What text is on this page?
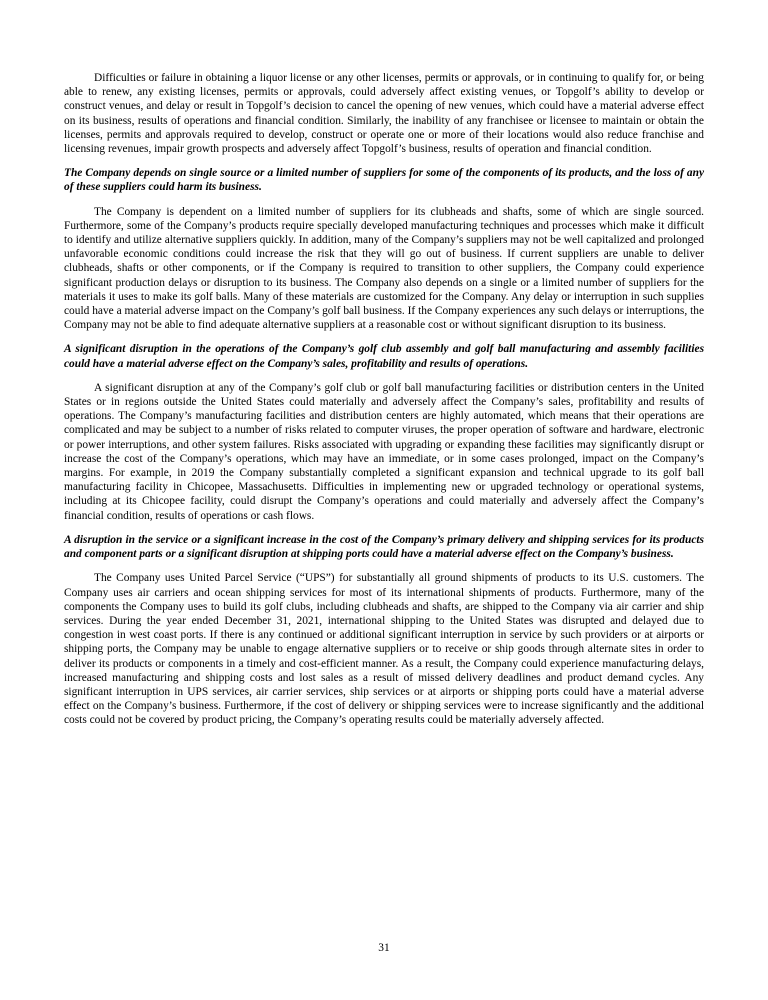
Difficulties or failure in obtaining a liquor license or any other licenses, permits or approvals, or in continuing to qualify for, or being able to renew, any existing licenses, permits or approvals, could adversely affect existing venues, or Topgolf’s ability to develop or construct venues, and delay or result in Topgolf’s decision to cancel the opening of new venues, which could have a material adverse effect on its business, results of operations and financial condition. Similarly, the inability of any franchisee or licensee to maintain or obtain the licenses, permits and approvals required to develop, construct or operate one or more of their locations would also reduce franchise and licensing revenues, impair growth prospects and adversely affect Topgolf’s business, results of operation and financial condition.

The Company depends on single source or a limited number of suppliers for some of the components of its products, and the loss of any of these suppliers could harm its business.

The Company is dependent on a limited number of suppliers for its clubheads and shafts, some of which are single sourced. Furthermore, some of the Company’s products require specially developed manufacturing techniques and processes which make it difficult to identify and utilize alternative suppliers quickly. In addition, many of the Company’s suppliers may not be well capitalized and prolonged unfavorable economic conditions could increase the risk that they will go out of business. If current suppliers are unable to deliver clubheads, shafts or other components, or if the Company is required to transition to other suppliers, the Company could experience significant production delays or disruption to its business. The Company also depends on a single or a limited number of suppliers for the materials it uses to make its golf balls. Many of these materials are customized for the Company. Any delay or interruption in such supplies could have a material adverse impact on the Company’s golf ball business. If the Company experiences any such delays or interruptions, the Company may not be able to find adequate alternative suppliers at a reasonable cost or without significant disruption to its business.

A significant disruption in the operations of the Company’s golf club assembly and golf ball manufacturing and assembly facilities could have a material adverse effect on the Company’s sales, profitability and results of operations.

A significant disruption at any of the Company’s golf club or golf ball manufacturing facilities or distribution centers in the United States or in regions outside the United States could materially and adversely affect the Company’s sales, profitability and results of operations. The Company’s manufacturing facilities and distribution centers are highly automated, which means that their operations are complicated and may be subject to a number of risks related to computer viruses, the proper operation of software and hardware, electronic or power interruptions, and other system failures. Risks associated with upgrading or expanding these facilities may significantly disrupt or increase the cost of the Company’s operations, which may have an immediate, or in some cases prolonged, impact on the Company’s margins. For example, in 2019 the Company substantially completed a significant expansion and technical upgrade to its golf ball manufacturing facility in Chicopee, Massachusetts. Difficulties in implementing new or upgraded technology or operational systems, including at its Chicopee facility, could disrupt the Company’s operations and could materially and adversely affect the Company’s financial condition, results of operations or cash flows.

A disruption in the service or a significant increase in the cost of the Company’s primary delivery and shipping services for its products and component parts or a significant disruption at shipping ports could have a material adverse effect on the Company’s business.

The Company uses United Parcel Service (“UPS”) for substantially all ground shipments of products to its U.S. customers. The Company uses air carriers and ocean shipping services for most of its international shipments of products. Furthermore, many of the components the Company uses to build its golf clubs, including clubheads and shafts, are shipped to the Company via air carrier and ship services. During the year ended December 31, 2021, international shipping to the United States was disrupted and delayed due to congestion in west coast ports. If there is any continued or additional significant interruption in service by such providers or at airports or shipping ports, the Company may be unable to engage alternative suppliers or to receive or ship goods through alternate sites in order to deliver its products or components in a timely and cost-efficient manner. As a result, the Company could experience manufacturing delays, increased manufacturing and shipping costs and lost sales as a result of missed delivery deadlines and product demand cycles. Any significant interruption in UPS services, air carrier services, ship services or at airports or shipping ports could have a material adverse effect on the Company’s business. Furthermore, if the cost of delivery or shipping services were to increase significantly and the additional costs could not be covered by product pricing, the Company’s operating results could be materially adversely affected.

31
